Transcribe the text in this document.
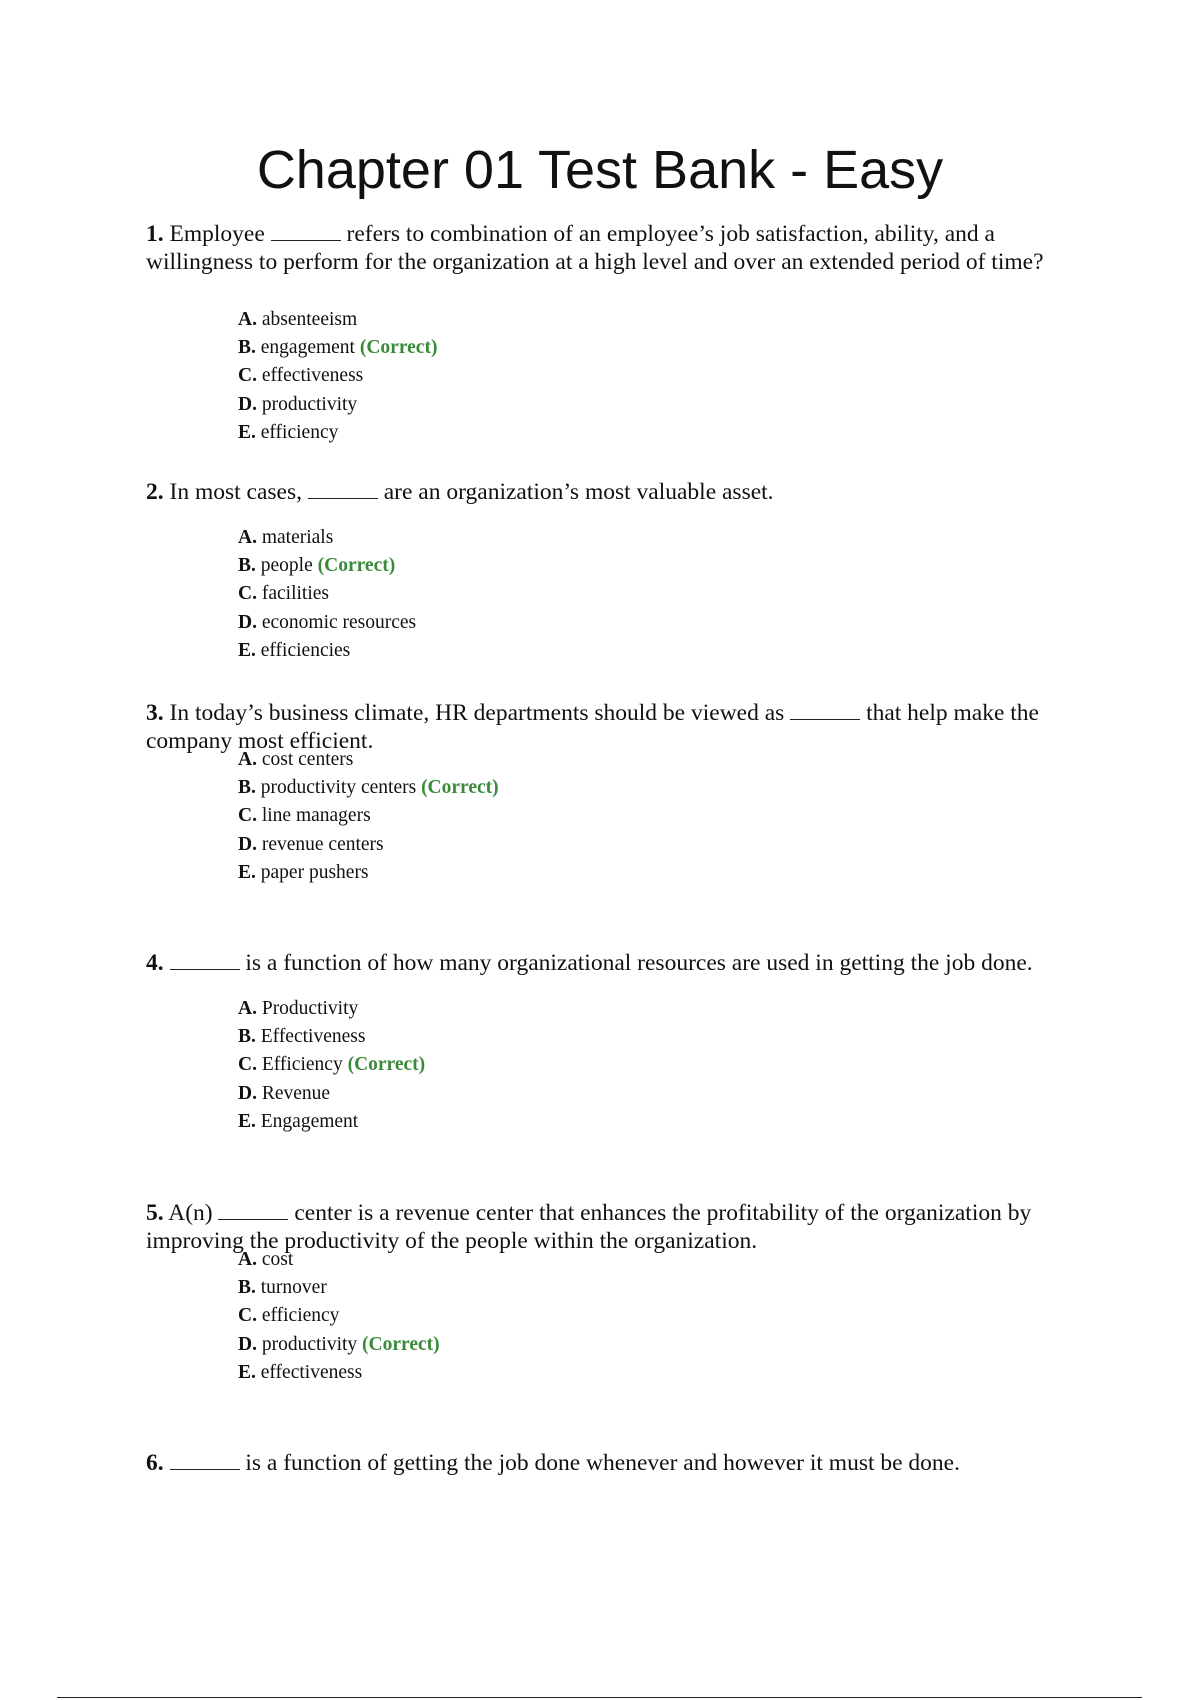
Chapter 01 Test Bank - Easy
1. Employee	refers to combination of an employee’s job satisfaction, ability, and a willingness to perform for the organization at a high level and over an extended period of time?
A. absenteeism
B. engagement (Correct)
C. effectiveness
D. productivity
E. efficiency
2. In most cases,	are an organization’s most valuable asset.
A. materials
B. people (Correct)
C. facilities
D. economic resources
E. efficiencies
3. In today’s business climate, HR departments should be viewed as	that help make the company most efficient.
A. cost centers
B. productivity centers (Correct)
C. line managers
D. revenue centers
E. paper pushers
4.	is a function of how many organizational resources are used in getting the job done.
A. Productivity
B. Effectiveness
C. Efficiency (Correct)
D. Revenue
E. Engagement
5. A(n)	center is a revenue center that enhances the profitability of the organization by improving the productivity of the people within the organization.
A. cost
B. turnover
C. efficiency
D. productivity (Correct)
E. effectiveness
6.	is a function of getting the job done whenever and however it must be done.
